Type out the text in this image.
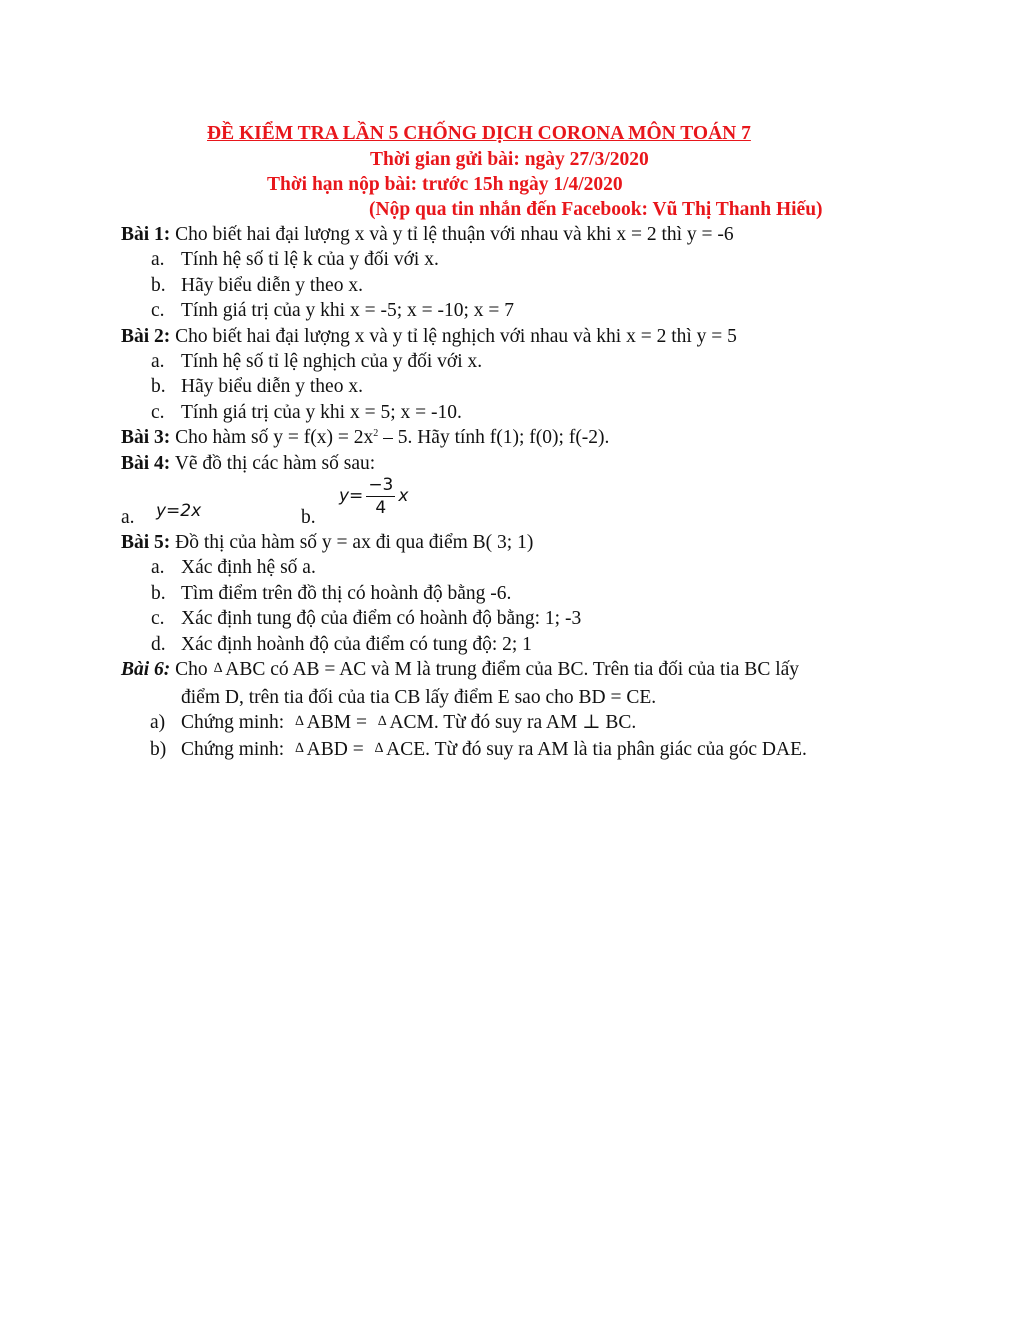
ĐỀ KIỂM TRA LẦN 5 CHỐNG DỊCH CORONA MÔN TOÁN 7
Thời gian gửi bài: ngày 27/3/2020
Thời hạn nộp bài: trước 15h ngày 1/4/2020
(Nộp qua tin nhắn đến Facebook: Vũ Thị Thanh Hiếu)
Bài 1: Cho biết hai đại lượng x và y tỉ lệ thuận với nhau và khi x = 2 thì y = -6
a. Tính hệ số tỉ lệ k của y đối với x.
b. Hãy biểu diễn y theo x.
c. Tính giá trị của y khi x = -5; x = -10; x = 7
Bài 2: Cho biết hai đại lượng x và y tỉ lệ nghịch với nhau và khi x = 2 thì y = 5
a. Tính hệ số tỉ lệ nghịch của y đối với x.
b. Hãy biểu diễn y theo x.
c. Tính giá trị của y khi x = 5; x = -10.
Bài 3: Cho hàm số $y = f(x) = 2x^2 - 5$. Hãy tính f(1); f(0); f(-2).
Bài 4: Vẽ đồ thị các hàm số sau:
a. y=2x	b.
$y= \frac{-3}{4}$ x
Bài 5: Đồ thị của hàm số y = ax đi qua điểm B( 3; 1)
a. Xác định hệ số a.
b. Tìm điểm trên đồ thị có hoành độ bằng -6.
c. Xác định tung độ của điểm có hoành độ bằng: 1; -3
d. Xác định hoành độ của điểm có tung độ: 2; 1
Bài 6: Cho ∆ ABC có AB = AC và M là trung điểm của BC. Trên tia đối của tia BC lấy
điểm D, trên tia đối của tia CB lấy điểm E sao cho BD = CE.
a) Chứng minh: ∆ ABM = ∆ ACM. Từ đó suy ra AM ⊥ BC.
b) Chứng minh: ∆ ABD = ∆ ACE. Từ đó suy ra AM là tia phân giác của góc DAE.
